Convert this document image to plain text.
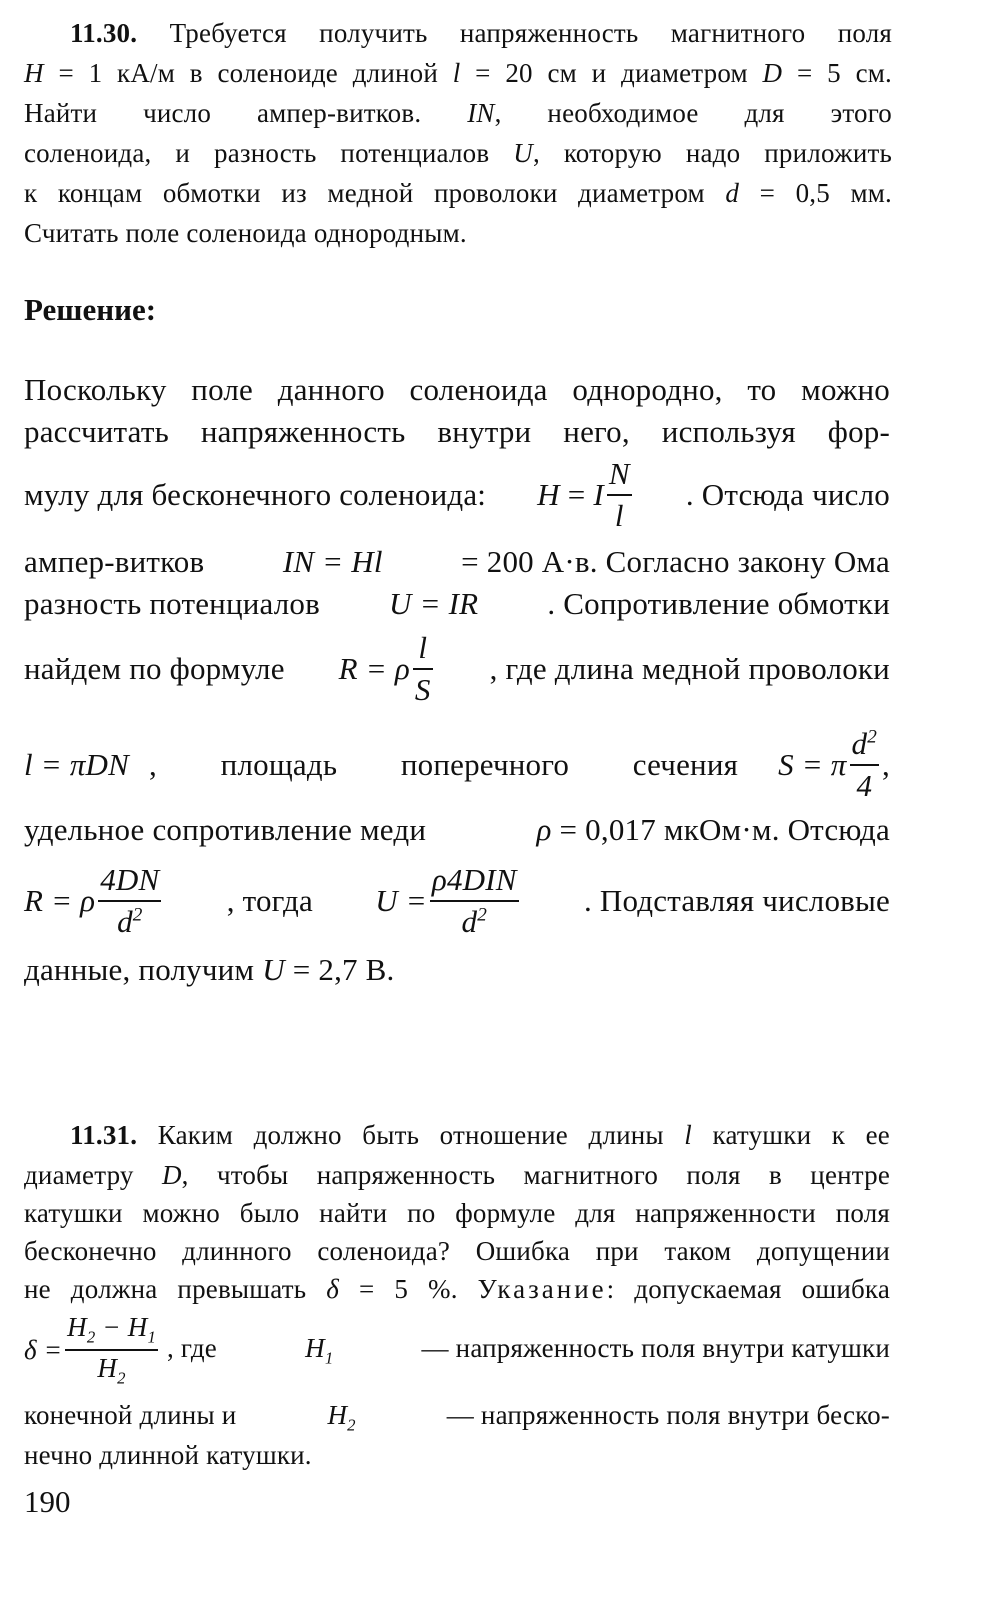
11.30. Требуется получить напряженность магнитного поля
H = 1 кА/м в соленоиде длиной l = 20 см и диаметром D = 5 см.
Найти число ампер-витков. IN, необходимое для этого
соленоида, и разность потенциалов U, которую надо приложить
к концам обмотки из медной проволоки диаметром d = 0,5 мм.
Считать поле соленоида однородным.
Решение:
Поскольку поле данного соленоида однородно, то можно
рассчитать напряженность внутри него, используя фор-
мулу для бесконечного соленоида: H = I $\frac{N}{l}$ . Отсюда число
ампер-витков	IN = Hl	= 200 А·в. Согласно закону Ома
разность потенциалов U = IR . Сопротивление обмотки
найдем по формуле R = ρ $\frac{l}{S}$ , где длина медной проволоки
l = πDN , площадь поперечного сечения	S = π $\frac{d^2}{4}$ ,
удельное сопротивление меди	ρ = 0,017 мкОм·м. Отсюда
R = ρ $\frac{4DN}{d^2}$ , тогда $U = \frac{\text{ρ4DIN}}{d^2}$ . Подставляя числовые
данные, получим U = 2,7 В.
11.31. Каким должно быть отношение длины l катушки к ее
диаметру D, чтобы напряженность магнитного поля в центре
катушки можно было найти по формуле для напряженности поля
бесконечно длинного соленоида? Ошибка при таком допущении
не должна превышать δ = 5 %. Указание: допускаемая ошибка
$\delta = \frac{H_2 - H_1}{H_2}$ , где	$H_1$	— напряженность поля внутри катушки
конечной длины и	$H_2$	— напряженность поля внутри беско-
нечно длинной катушки.
190
